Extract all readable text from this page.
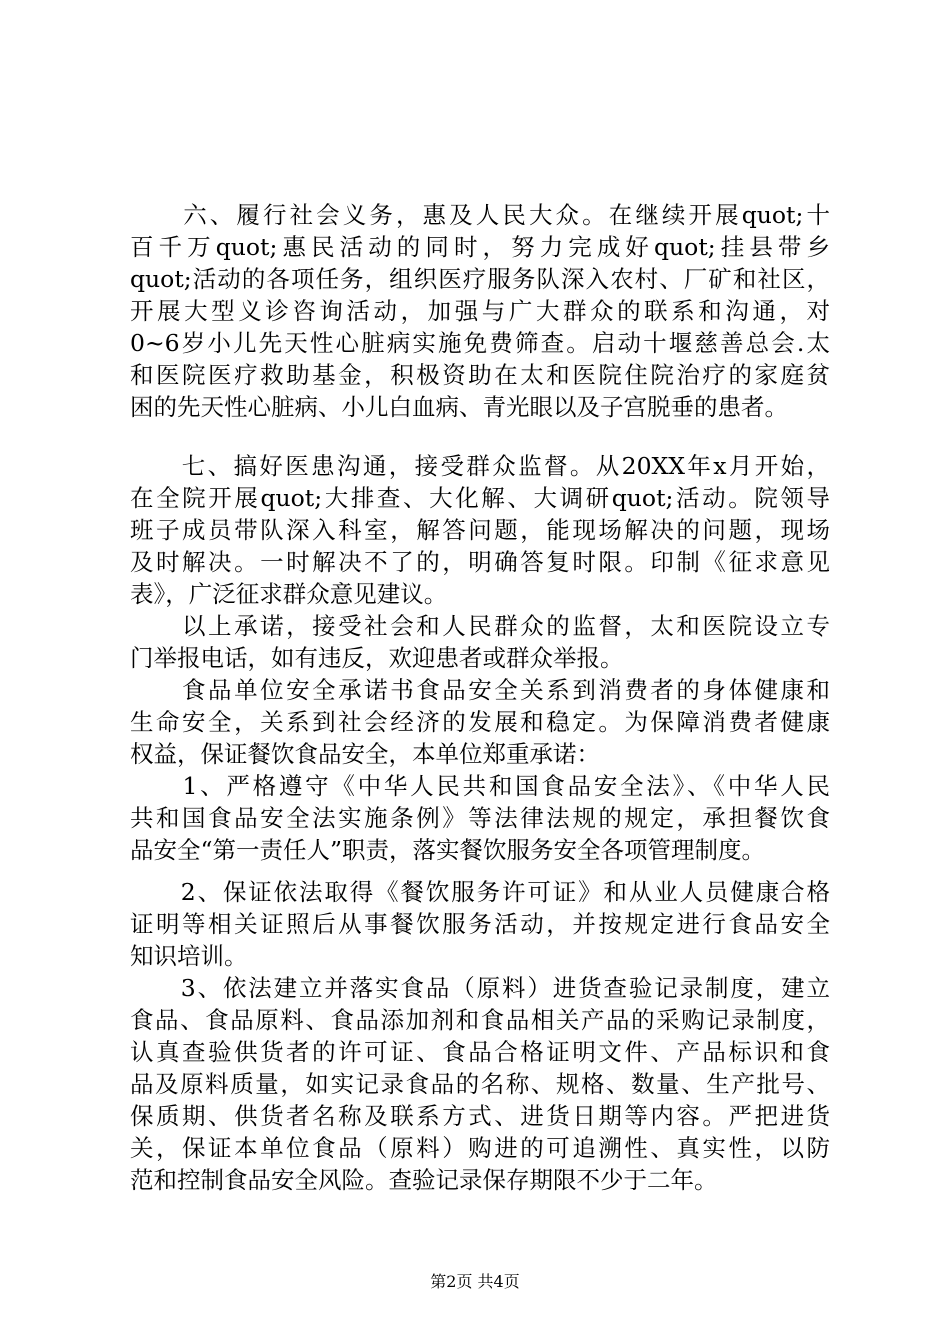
　　六、履行社会义务，惠及人民大众。在继续开展quot;十
百千万quot;惠民活动的同时，努力完成好quot;挂县带乡
quot;活动的各项任务，组织医疗服务队深入农村、厂矿和社区，
开展大型义诊咨询活动，加强与广大群众的联系和沟通，对
0~6岁小儿先天性心脏病实施免费筛查。启动十堰慈善总会.太
和医院医疗救助基金，积极资助在太和医院住院治疗的家庭贫
困的先天性心脏病、小儿白血病、青光眼以及子宫脱垂的患者。
　　七、搞好医患沟通，接受群众监督。从20XX年x月开始，
在全院开展quot;大排查、大化解、大调研quot;活动。院领导
班子成员带队深入科室，解答问题，能现场解决的问题，现场
及时解决。一时解决不了的，明确答复时限。印制《征求意见
表》，广泛征求群众意见建议。
　　以上承诺，接受社会和人民群众的监督，太和医院设立专
门举报电话，如有违反，欢迎患者或群众举报。
　　食品单位安全承诺书食品安全关系到消费者的身体健康和
生命安全，关系到社会经济的发展和稳定。为保障消费者健康
权益，保证餐饮食品安全，本单位郑重承诺：
　　1、严格遵守《中华人民共和国食品安全法》、《中华人民
共和国食品安全法实施条例》等法律法规的规定，承担餐饮食
品安全“第一责任人”职责，落实餐饮服务安全各项管理制度。
　　2、保证依法取得《餐饮服务许可证》和从业人员健康合格
证明等相关证照后从事餐饮服务活动，并按规定进行食品安全
知识培训。
　　3、依法建立并落实食品（原料）进货查验记录制度，建立
食品、食品原料、食品添加剂和食品相关产品的采购记录制度，
认真查验供货者的许可证、食品合格证明文件、产品标识和食
品及原料质量，如实记录食品的名称、规格、数量、生产批号、
保质期、供货者名称及联系方式、进货日期等内容。严把进货
关，保证本单位食品（原料）购进的可追溯性、真实性，以防
范和控制食品安全风险。查验记录保存期限不少于二年。
第2页 共4页
